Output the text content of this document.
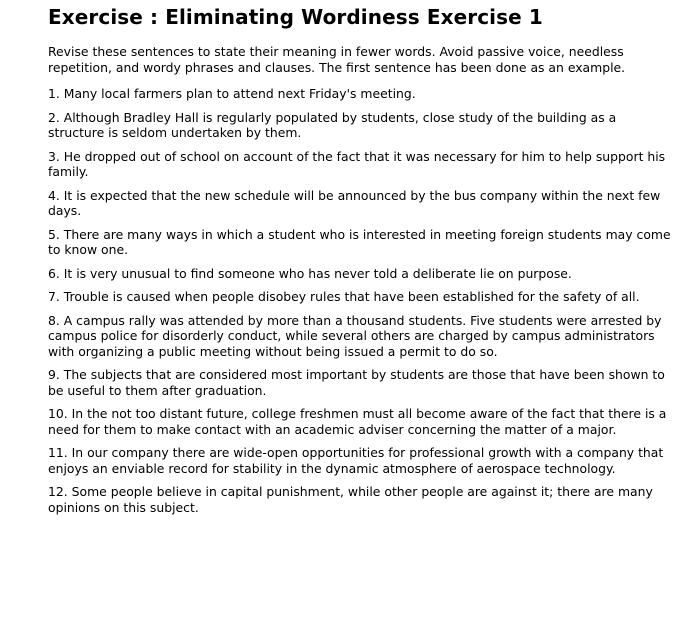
Exercise : Eliminating Wordiness Exercise 1

Revise these sentences to state their meaning in fewer words. Avoid passive voice, needless repetition, and wordy phrases and clauses. The first sentence has been done as an example.

1. Many local farmers plan to attend next Friday's meeting.

2. Although Bradley Hall is regularly populated by students, close study of the building as a structure is seldom undertaken by them.

3. He dropped out of school on account of the fact that it was necessary for him to help support his family.

4. It is expected that the new schedule will be announced by the bus company within the next few days.

5. There are many ways in which a student who is interested in meeting foreign students may come to know one.

6. It is very unusual to find someone who has never told a deliberate lie on purpose.

7. Trouble is caused when people disobey rules that have been established for the safety of all.

8. A campus rally was attended by more than a thousand students. Five students were arrested by campus police for disorderly conduct, while several others are charged by campus administrators with organizing a public meeting without being issued a permit to do so.

9. The subjects that are considered most important by students are those that have been shown to be useful to them after graduation.

10. In the not too distant future, college freshmen must all become aware of the fact that there is a need for them to make contact with an academic adviser concerning the matter of a major.

11. In our company there are wide-open opportunities for professional growth with a company that enjoys an enviable record for stability in the dynamic atmosphere of aerospace technology.

12. Some people believe in capital punishment, while other people are against it; there are many opinions on this subject.
